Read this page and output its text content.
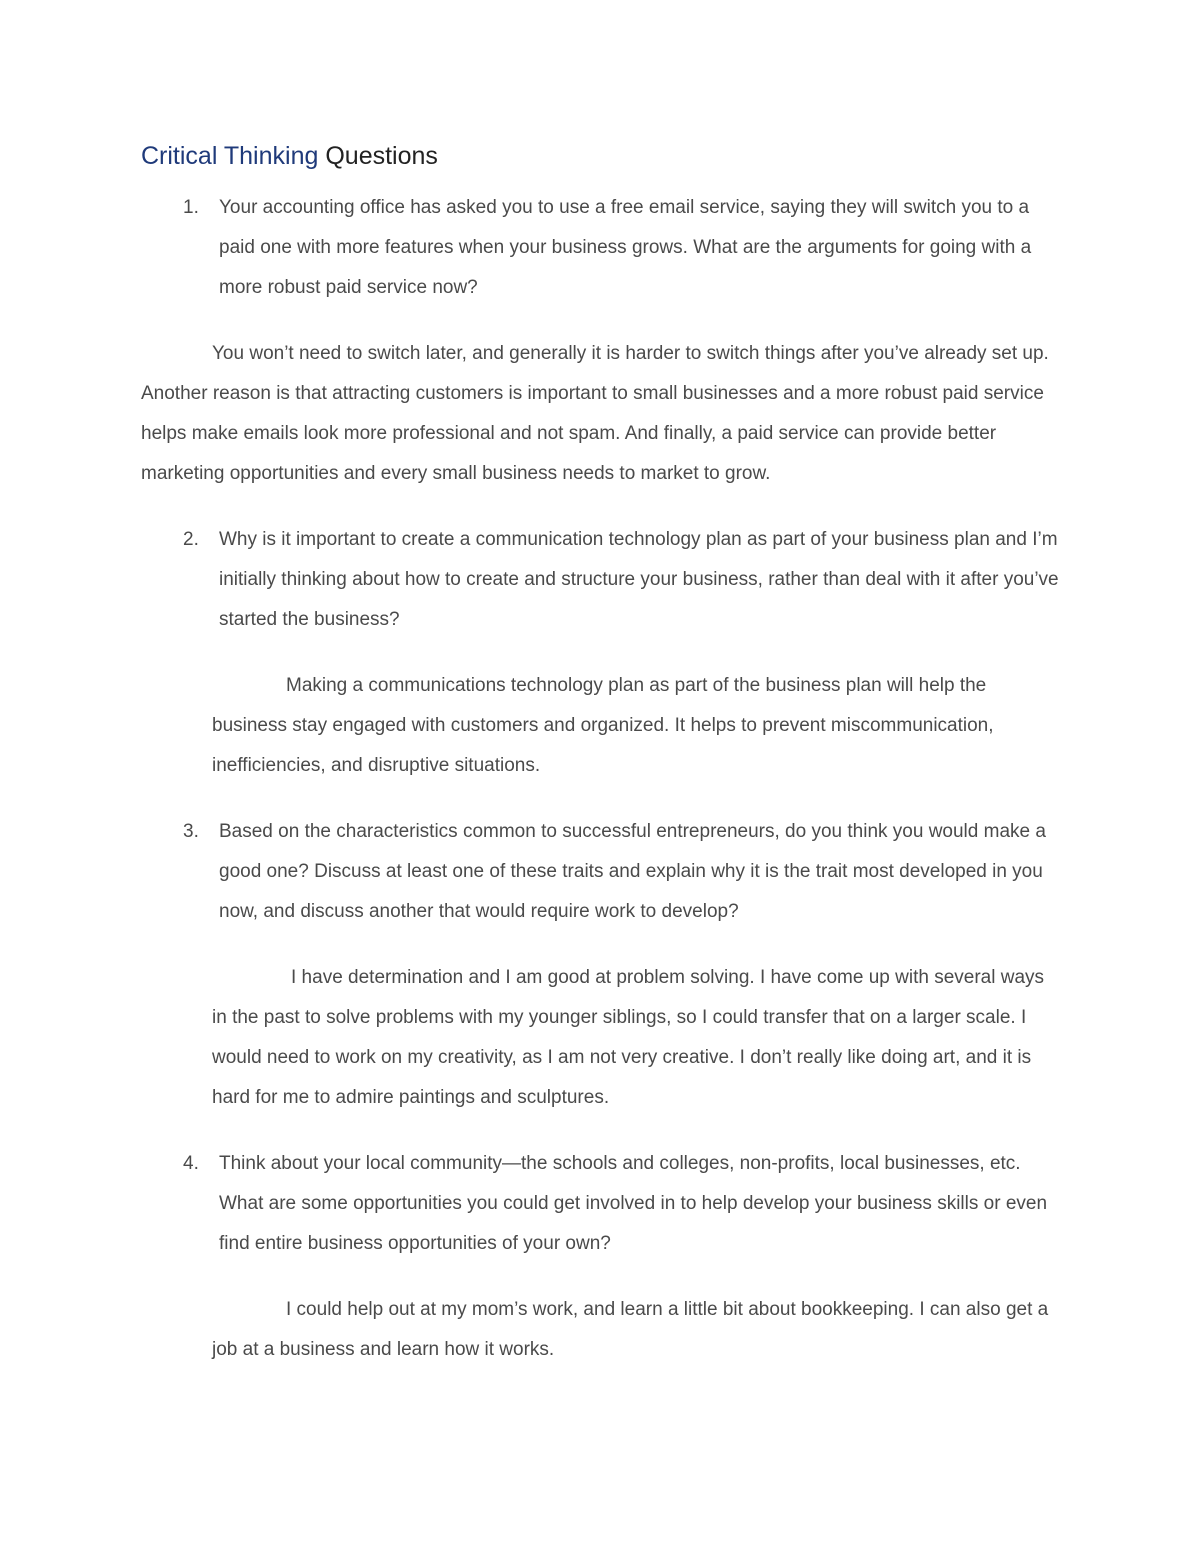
Critical Thinking Questions
1.	Your accounting office has asked you to use a free email service, saying they will switch you to a paid one with more features when your business grows. What are the arguments for going with a more robust paid service now?

You won’t need to switch later, and generally it is harder to switch things after you’ve already set up. Another reason is that attracting customers is important to small businesses and a more robust paid service helps make emails look more professional and not spam. And finally, a paid service can provide better marketing opportunities and every small business needs to market to grow.

2.	Why is it important to create a communication technology plan as part of your business plan and I’m initially thinking about how to create and structure your business, rather than deal with it after you’ve started the business?

Making a communications technology plan as part of the business plan will help the business stay engaged with customers and organized. It helps to prevent miscommunication, inefficiencies, and disruptive situations.

3.	Based on the characteristics common to successful entrepreneurs, do you think you would make a good one? Discuss at least one of these traits and explain why it is the trait most developed in you now, and discuss another that would require work to develop?

I have determination and I am good at problem solving. I have come up with several ways in the past to solve problems with my younger siblings, so I could transfer that on a larger scale. I would need to work on my creativity, as I am not very creative. I don’t really like doing art, and it is hard for me to admire paintings and sculptures.

4.	Think about your local community—the schools and colleges, non-profits, local businesses, etc. What are some opportunities you could get involved in to help develop your business skills or even find entire business opportunities of your own?

I could help out at my mom’s work, and learn a little bit about bookkeeping. I can also get a job at a business and learn how it works.
